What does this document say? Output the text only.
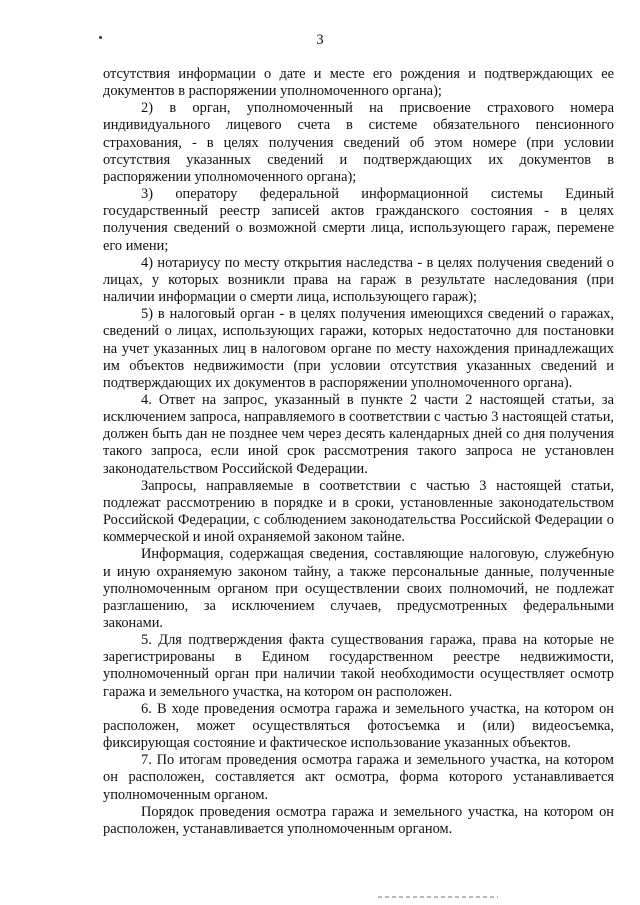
3

отсутствия информации о дате и месте его рождения и подтверждающих ее документов в распоряжении уполномоченного органа);

2) в орган, уполномоченный на присвоение страхового номера индивидуального лицевого счета в системе обязательного пенсионного страхования, - в целях получения сведений об этом номере (при условии отсутствия указанных сведений и подтверждающих их документов в распоряжении уполномоченного органа);

3) оператору федеральной информационной системы Единый государственный реестр записей актов гражданского состояния - в целях получения сведений о возможной смерти лица, использующего гараж, перемене его имени;

4) нотариусу по месту открытия наследства - в целях получения сведений о лицах, у которых возникли права на гараж в результате наследования (при наличии информации о смерти лица, использующего гараж);

5) в налоговый орган - в целях получения имеющихся сведений о гаражах, сведений о лицах, использующих гаражи, которых недостаточно для постановки на учет указанных лиц в налоговом органе по месту нахождения принадлежащих им объектов недвижимости (при условии отсутствия указанных сведений и подтверждающих их документов в распоряжении уполномоченного органа).

4. Ответ на запрос, указанный в пункте 2 части 2 настоящей статьи, за исключением запроса, направляемого в соответствии с частью 3 настоящей статьи, должен быть дан не позднее чем через десять календарных дней со дня получения такого запроса, если иной срок рассмотрения такого запроса не установлен законодательством Российской Федерации.

Запросы, направляемые в соответствии с частью 3 настоящей статьи, подлежат рассмотрению в порядке и в сроки, установленные законодательством Российской Федерации, с соблюдением законодательства Российской Федерации о коммерческой и иной охраняемой законом тайне.

Информация, содержащая сведения, составляющие налоговую, служебную и иную охраняемую законом тайну, а также персональные данные, полученные уполномоченным органом при осуществлении своих полномочий, не подлежат разглашению, за исключением случаев, предусмотренных федеральными законами.

5. Для подтверждения факта существования гаража, права на которые не зарегистрированы в Едином государственном реестре недвижимости, уполномоченный орган при наличии такой необходимости осуществляет осмотр гаража и земельного участка, на котором он расположен.

6. В ходе проведения осмотра гаража и земельного участка, на котором он расположен, может осуществляться фотосъемка и (или) видеосъемка, фиксирующая состояние и фактическое использование указанных объектов.

7. По итогам проведения осмотра гаража и земельного участка, на котором он расположен, составляется акт осмотра, форма которого устанавливается уполномоченным органом.

Порядок проведения осмотра гаража и земельного участка, на котором он расположен, устанавливается уполномоченным органом.
